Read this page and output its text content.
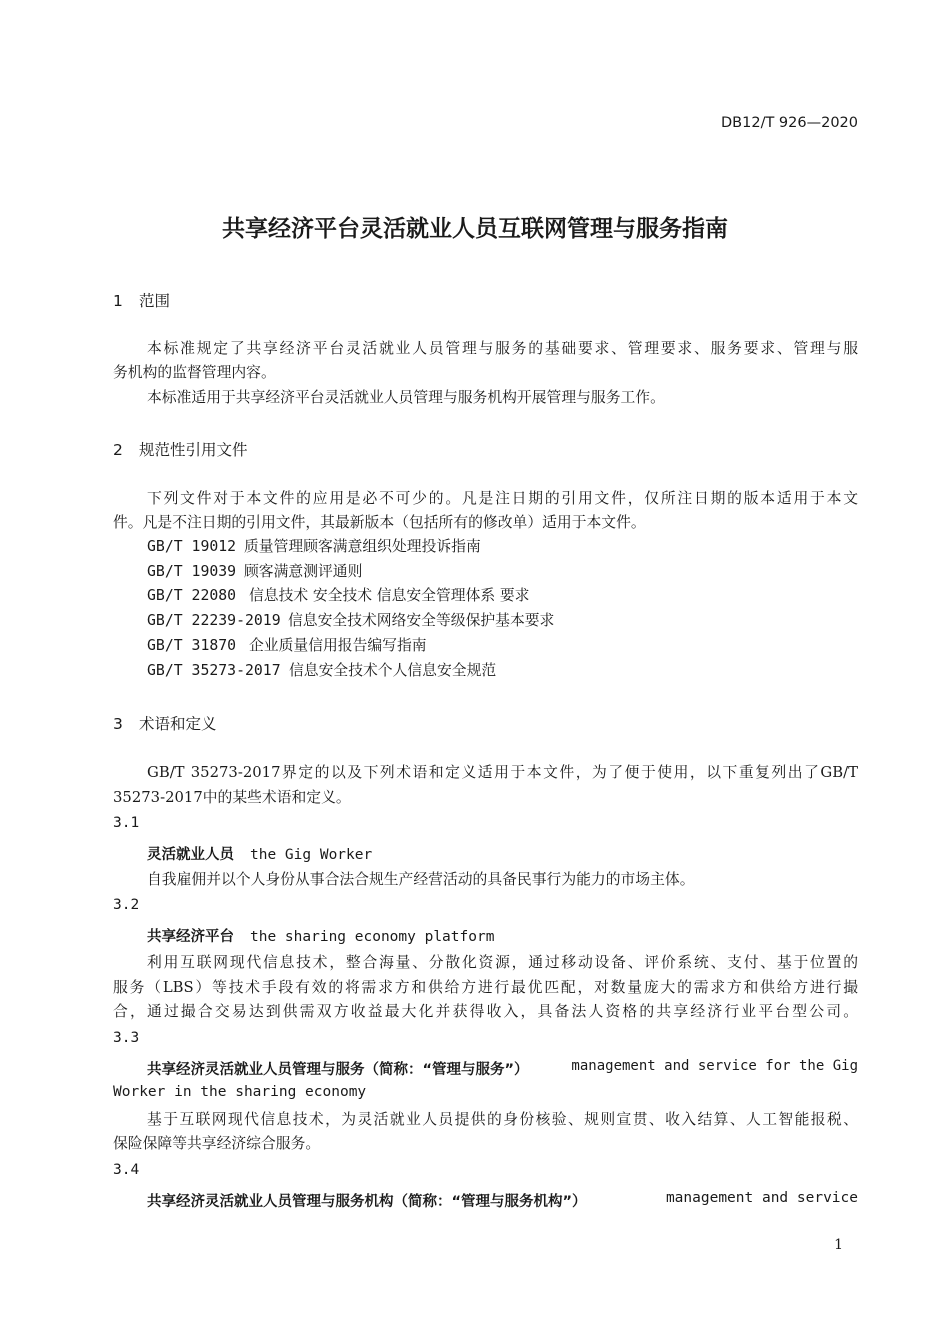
DB12/T 926—2020
共享经济平台灵活就业人员互联网管理与服务指南
1 范围
本标准规定了共享经济平台灵活就业人员管理与服务的基础要求、管理要求、服务要求、管理与服
务机构的监督管理内容。
本标准适用于共享经济平台灵活就业人员管理与服务机构开展管理与服务工作。
2 规范性引用文件
下列文件对于本文件的应用是必不可少的。凡是注日期的引用文件，仅所注日期的版本适用于本文
件。凡是不注日期的引用文件，其最新版本（包括所有的修改单）适用于本文件。
GB/T 19012 质量管理顾客满意组织处理投诉指南
GB/T 19039 顾客满意测评通则
GB/T 22080 信息技术 安全技术 信息安全管理体系 要求
GB/T 22239-2019 信息安全技术网络安全等级保护基本要求
GB/T 31870 企业质量信用报告编写指南
GB/T 35273-2017 信息安全技术个人信息安全规范
3 术语和定义
GB/T 35273-2017界定的以及下列术语和定义适用于本文件，为了便于使用，以下重复列出了GB/T
35273-2017中的某些术语和定义。
3.1
灵活就业人员 the Gig Worker
自我雇佣并以个人身份从事合法合规生产经营活动的具备民事行为能力的市场主体。
3.2
共享经济平台 the sharing economy platform
利用互联网现代信息技术，整合海量、分散化资源，通过移动设备、评价系统、支付、基于位置的
服务（LBS）等技术手段有效的将需求方和供给方进行最优匹配，对数量庞大的需求方和供给方进行撮
合，通过撮合交易达到供需双方收益最大化并获得收入，具备法人资格的共享经济行业平台型公司。
3.3
共享经济灵活就业人员管理与服务（简称：“管理与服务”）	management and service for the Gig
Worker in the sharing economy
基于互联网现代信息技术，为灵活就业人员提供的身份核验、规则宣贯、收入结算、人工智能报税、
保险保障等共享经济综合服务。
3.4
共享经济灵活就业人员管理与服务机构（简称：“管理与服务机构”）	management and service
1
